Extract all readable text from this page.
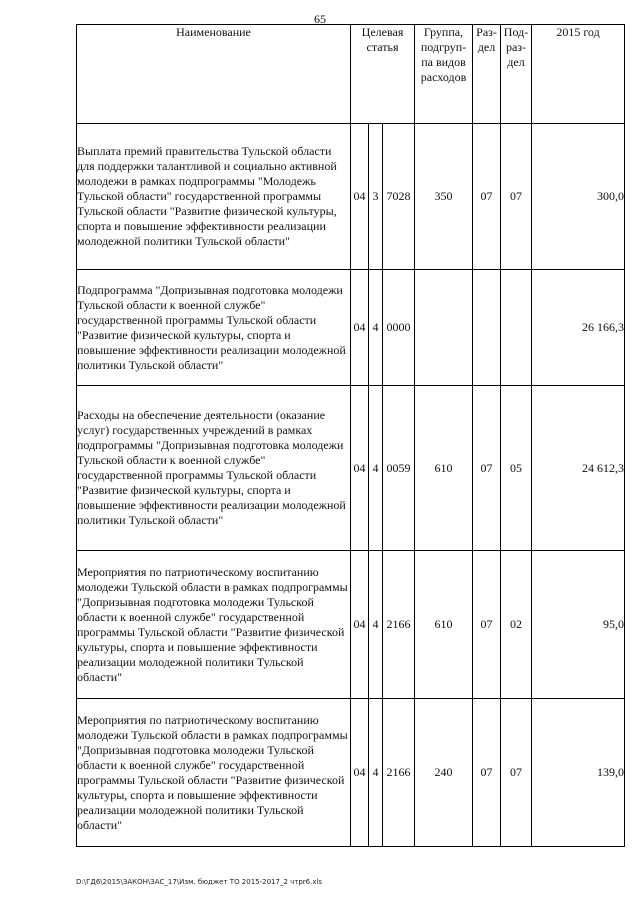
65
Наименование	Целевая статья			Группа, подгруп-па видов расходов	Раз-дел	Под-раз-дел	2015 год
Выплата премий правительства Тульской области для поддержки талантливой и социально активной молодежи в рамках подпрограммы "Молодежь Тульской области" государственной программы Тульской области "Развитие физической культуры, спорта и повышение эффективности реализации молодежной политики Тульской области"	04	3	7028	350	07	07	300,0
Подпрограмма "Допризывная подготовка молодежи Тульской области к военной службе" государственной программы Тульской области "Развитие физической культуры, спорта и повышение эффективности реализации молодежной политики Тульской области"	04	4	0000				26 166,3
Расходы на обеспечение деятельности (оказание услуг) государственных учреждений в рамках подпрограммы "Допризывная подготовка молодежи Тульской области к военной службе" государственной программы Тульской области "Развитие физической культуры, спорта и повышение эффективности реализации молодежной политики Тульской области"	04	4	0059	610	07	05	24 612,3
Мероприятия по патриотическому воспитанию молодежи Тульской области в рамках подпрограммы "Допризывная подготовка молодежи Тульской области к военной службе" государственной программы Тульской области "Развитие физической культуры, спорта и повышение эффективности реализации молодежной политики Тульской области"	04	4	2166	610	07	02	95,0
Мероприятия по патриотическому воспитанию молодежи Тульской области в рамках подпрограммы "Допризывная подготовка молодежи Тульской области к военной службе" государственной программы Тульской области "Развитие физической культуры, спорта и повышение эффективности реализации молодежной политики Тульской области"	04	4	2166	240	07	07	139,0
D:\ГД6\2015\ЗАКОН\ЗАС_17\Изм. бюджет ТО 2015-2017_2 чтpr6.xls
